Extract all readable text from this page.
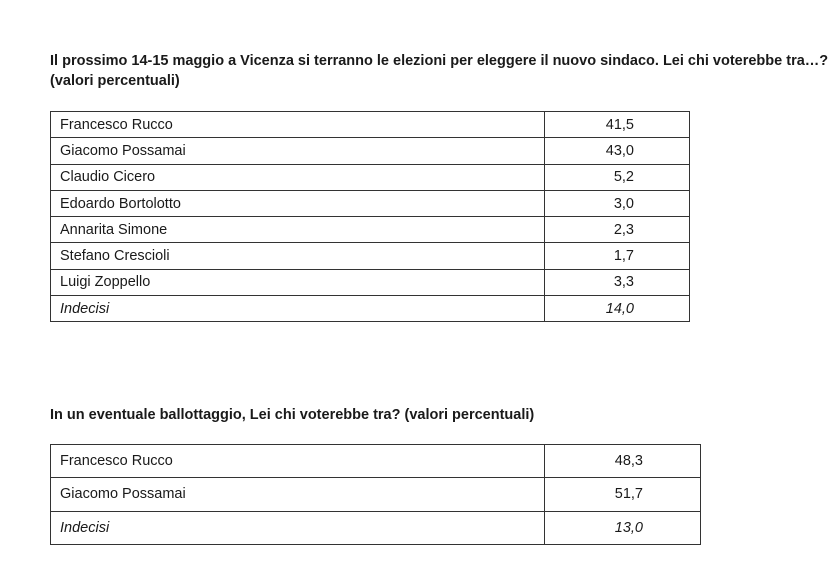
Il prossimo 14-15 maggio a Vicenza si terranno le elezioni per eleggere il nuovo sindaco. Lei chi voterebbe tra…? (valori percentuali)

Francesco Rucco	41,5
Giacomo Possamai	43,0
Claudio Cicero	5,2
Edoardo Bortolotto	3,0
Annarita Simone	2,3
Stefano Crescioli	1,7
Luigi Zoppello	3,3
Indecisi	14,0

In un eventuale ballottaggio, Lei chi voterebbe tra? (valori percentuali)

Francesco Rucco	48,3
Giacomo Possamai	51,7
Indecisi	13,0
